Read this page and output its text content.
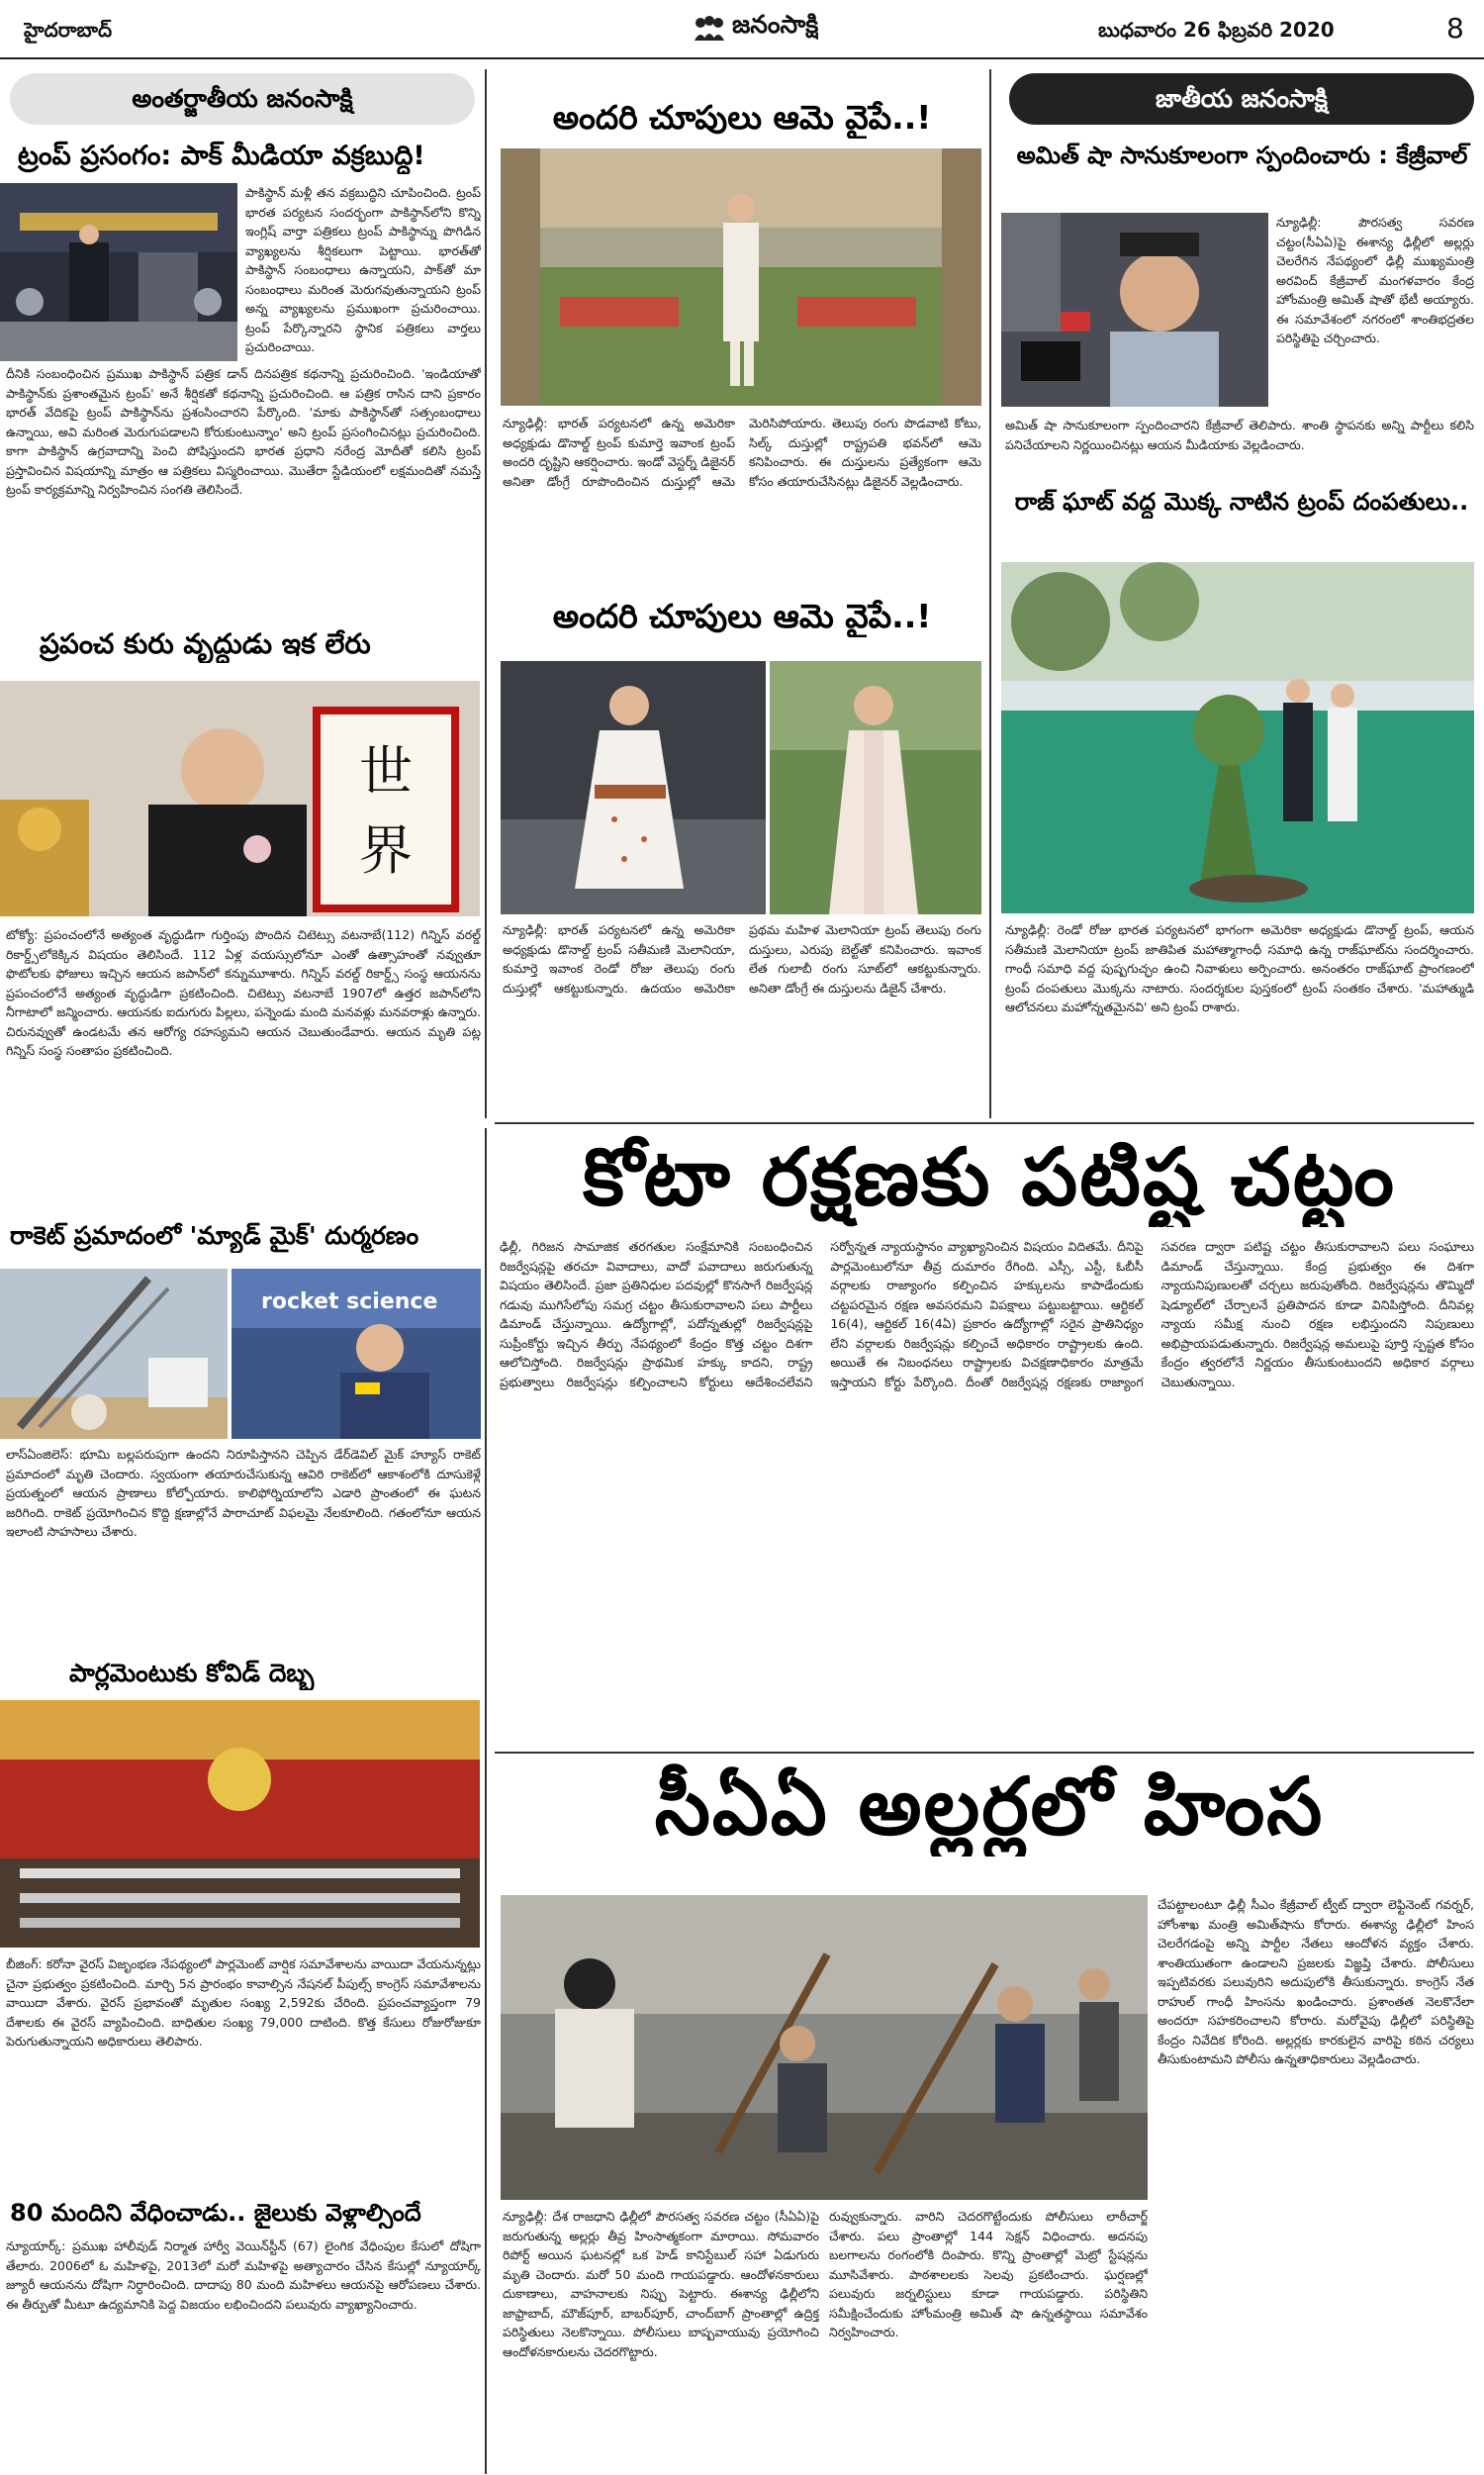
హైదరాబాద్	జనంసాక్షి	బుధవారం 26 ఫిబ్రవరి 2020	8
అంతర్జాతీయ జనంసాక్షి
ట్రంప్ ప్రసంగం: పాక్ మీడియా వక్రబుద్ధి!
పాకిస్థాన్ మళ్లీ తన వక్రబుద్ధిని చూపించింది. ట్రంప్ భారత పర్యటన సందర్భంగా పాకిస్థాన్‌లోని కొన్ని ఇంగ్లిష్ వార్తా పత్రికలు ట్రంప్ పాకిస్థాన్ను పొగిడిన వ్యాఖ్యలను శీర్షికలుగా పెట్టాయి. భారత్‌తో పాకిస్థాన్ సంబంధాలు ఉన్నాయని, పాక్‌తో మా సంబంధాలు మరింత మెరుగవుతున్నాయని ట్రంప్ అన్న వ్యాఖ్యలను ప్రముఖంగా ప్రచురించాయి. ట్రంప్ పేర్కొన్నారని స్థానిక పత్రికలు వార్తలు ప్రచురించాయి.
దీనికి సంబంధించిన ప్రముఖ పాకిస్థాన్ పత్రిక డాన్ దినపత్రిక కథనాన్ని ప్రచురించింది. 'ఇండియాతో పాకిస్థాన్‌కు ప్రశాంతమైన ట్రంప్' అనే శీర్షికతో కథనాన్ని ప్రచురించింది. ఆ పత్రిక రాసిన దాని ప్రకారం భారత్ వేదికపై ట్రంప్ పాకిస్థాన్‌ను ప్రశంసించారని పేర్కొంది. 'మాకు పాకిస్థాన్‌తో సత్సంబంధాలు ఉన్నాయి, అవి మరింత మెరుగుపడాలని కోరుకుంటున్నాం' అని ట్రంప్ ప్రసంగించినట్లు ప్రచురించింది. కాగా పాకిస్థాన్ ఉగ్రవాదాన్ని పెంచి పోషిస్తుందని భారత ప్రధాని నరేంద్ర మోదీతో కలిసి ట్రంప్ ప్రస్తావించిన విషయాన్ని మాత్రం ఆ పత్రికలు విస్మరించాయి. మొతేరా స్టేడియంలో లక్షమందితో నమస్తే ట్రంప్ కార్యక్రమాన్ని నిర్వహించిన సంగతి తెలిసిందే.
ప్రపంచ కురు వృద్ధుడు ఇక లేరు
世
界
టోక్యో: ప్రపంచంలోనే అత్యంత వృద్ధుడిగా గుర్తింపు పొందిన చిటెట్సు వటనాబే(112) గిన్నిస్ వరల్డ్ రికార్డ్స్‌లోకెక్కిన విషయం తెలిసిందే. 112 ఏళ్ల వయస్సులోనూ ఎంతో ఉత్సాహంతో నవ్వుతూ ఫొటోలకు ఫోజులు ఇచ్చిన ఆయన జపాన్‌లో కన్నుమూశారు. గిన్నిస్ వరల్డ్ రికార్డ్స్ సంస్థ ఆయనను ప్రపంచంలోనే అత్యంత వృద్ధుడిగా ప్రకటించింది. చిటెట్సు వటనాబే 1907లో ఉత్తర జపాన్‌లోని నీగాటాలో జన్మించారు. ఆయనకు ఐదుగురు పిల్లలు, పన్నెండు మంది మనవళ్లు మనవరాళ్లు ఉన్నారు. చిరునవ్వుతో ఉండటమే తన ఆరోగ్య రహస్యమని ఆయన చెబుతుండేవారు. ఆయన మృతి పట్ల గిన్నిస్ సంస్థ సంతాపం ప్రకటించింది.
రాకెట్ ప్రమాదంలో 'మ్యాడ్ మైక్' దుర్మరణం
rocket science
లాస్ఏంజిలెస్: భూమి బల్లపరుపుగా ఉందని నిరూపిస్తానని చెప్పిన డేర్‌డెవిల్ మైక్ హ్యూస్ రాకెట్ ప్రమాదంలో మృతి చెందారు. స్వయంగా తయారుచేసుకున్న ఆవిరి రాకెట్‌లో ఆకాశంలోకి దూసుకెళ్లే ప్రయత్నంలో ఆయన ప్రాణాలు కోల్పోయారు. కాలిఫోర్నియాలోని ఎడారి ప్రాంతంలో ఈ ఘటన జరిగింది. రాకెట్ ప్రయోగించిన కొద్ది క్షణాల్లోనే పారాచూట్ విఫలమై నేలకూలింది. గతంలోనూ ఆయన ఇలాంటి సాహసాలు చేశారు.
పార్లమెంటుకు కోవిడ్ దెబ్బ
బీజింగ్: కరోనా వైరస్ విజృంభణ నేపథ్యంలో పార్లమెంట్ వార్షిక సమావేశాలను వాయిదా వేయనున్నట్లు చైనా ప్రభుత్వం ప్రకటించింది. మార్చి 5న ప్రారంభం కావాల్సిన నేషనల్ పీపుల్స్ కాంగ్రెస్ సమావేశాలను వాయిదా వేశారు. వైరస్ ప్రభావంతో మృతుల సంఖ్య 2,592కు చేరింది. ప్రపంచవ్యాప్తంగా 79 దేశాలకు ఈ వైరస్ వ్యాపించింది. బాధితుల సంఖ్య 79,000 దాటింది. కొత్త కేసులు రోజురోజుకూ పెరుగుతున్నాయని అధికారులు తెలిపారు.
80 మందిని వేధించాడు.. జైలుకు వెళ్లాల్సిందే
న్యూయార్క్: ప్రముఖ హాలీవుడ్ నిర్మాత హార్వీ వెయిన్‌స్టీన్ (67) లైంగిక వేధింపుల కేసులో దోషిగా తేలారు. 2006లో ఓ మహిళపై, 2013లో మరో మహిళపై అత్యాచారం చేసిన కేసుల్లో న్యూయార్క్ జ్యూరీ ఆయనను దోషిగా నిర్ధారించింది. దాదాపు 80 మంది మహిళలు ఆయనపై ఆరోపణలు చేశారు. ఈ తీర్పుతో మీటూ ఉద్యమానికి పెద్ద విజయం లభించిందని పలువురు వ్యాఖ్యానించారు.
అందరి చూపులు ఆమె వైపే..!
న్యూఢిల్లీ: భారత్ పర్యటనలో ఉన్న అమెరికా అధ్యక్షుడు డొనాల్డ్ ట్రంప్ కుమార్తె ఇవాంక ట్రంప్ అందరి దృష్టిని ఆకర్షించారు. ఇండో వెస్టర్న్ డిజైనర్ అనితా డోంగ్రే రూపొందించిన దుస్తుల్లో ఆమె మెరిసిపోయారు. తెలుపు రంగు పొడవాటి కోటు, సిల్క్ దుస్తుల్లో రాష్ట్రపతి భవన్‌లో ఆమె కనిపించారు. ఈ దుస్తులను ప్రత్యేకంగా ఆమె కోసం తయారుచేసినట్లు డిజైనర్ వెల్లడించారు.
అందరి చూపులు ఆమె వైపే..!
న్యూఢిల్లీ: భారత్ పర్యటనలో ఉన్న అమెరికా అధ్యక్షుడు డొనాల్డ్ ట్రంప్ సతీమణి మెలానియా, కుమార్తె ఇవాంక రెండో రోజు తెలుపు రంగు దుస్తుల్లో ఆకట్టుకున్నారు. ఉదయం అమెరికా ప్రథమ మహిళ మెలానియా ట్రంప్ తెలుపు రంగు దుస్తులు, ఎరుపు బెల్ట్‌తో కనిపించారు. ఇవాంక లేత గులాబీ రంగు సూట్‌లో ఆకట్టుకున్నారు. అనితా డోంగ్రే ఈ దుస్తులను డిజైన్ చేశారు.
జాతీయ జనంసాక్షి
అమిత్ షా సానుకూలంగా స్పందించారు : కేజ్రీవాల్
న్యూఢిల్లీ: పౌరసత్వ సవరణ చట్టం(సీఏఏ)పై ఈశాన్య ఢిల్లీలో అల్లర్లు చెలరేగిన నేపథ్యంలో ఢిల్లీ ముఖ్యమంత్రి అరవింద్ కేజ్రీవాల్ మంగళవారం కేంద్ర హోంమంత్రి అమిత్ షాతో భేటీ అయ్యారు. ఈ సమావేశంలో నగరంలో శాంతిభద్రతల పరిస్థితిపై చర్చించారు.
అమిత్ షా సానుకూలంగా స్పందించారని కేజ్రీవాల్ తెలిపారు. శాంతి స్థాపనకు అన్ని పార్టీలు కలిసి పనిచేయాలని నిర్ణయించినట్లు ఆయన మీడియాకు వెల్లడించారు.
రాజ్ ఘాట్ వద్ద మొక్క నాటిన ట్రంప్ దంపతులు..
న్యూఢిల్లీ: రెండో రోజు భారత పర్యటనలో భాగంగా అమెరికా అధ్యక్షుడు డొనాల్డ్ ట్రంప్, ఆయన సతీమణి మెలానియా ట్రంప్ జాతిపిత మహాత్మాగాంధీ సమాధి ఉన్న రాజ్‌ఘాట్‌ను సందర్శించారు. గాంధీ సమాధి వద్ద పుష్పగుచ్ఛం ఉంచి నివాళులు అర్పించారు. అనంతరం రాజ్‌ఘాట్ ప్రాంగణంలో ట్రంప్ దంపతులు మొక్కను నాటారు. సందర్శకుల పుస్తకంలో ట్రంప్ సంతకం చేశారు. 'మహాత్ముడి ఆలోచనలు మహోన్నతమైనవి' అని ట్రంప్ రాశారు.
కోటా రక్షణకు పటిష్ట చట్టం
ఢిల్లీ, గిరిజన సామాజిక తరగతుల సంక్షేమానికి సంబంధించిన రిజర్వేషన్లపై తరచూ వివాదాలు, వాదో పవాదాలు జరుగుతున్న విషయం తెలిసిందే. ప్రజా ప్రతినిధుల పదవుల్లో కొనసాగే రిజర్వేషన్ల గడువు ముగిసేలోపు సమగ్ర చట్టం తీసుకురావాలని పలు పార్టీలు డిమాండ్ చేస్తున్నాయి. ఉద్యోగాల్లో, పదోన్నతుల్లో రిజర్వేషన్లపై సుప్రీంకోర్టు ఇచ్చిన తీర్పు నేపథ్యంలో కేంద్రం కొత్త చట్టం దిశగా ఆలోచిస్తోంది. రిజర్వేషన్లు ప్రాథమిక హక్కు కాదని, రాష్ట్ర ప్రభుత్వాలు రిజర్వేషన్లు కల్పించాలని కోర్టులు ఆదేశించలేవని సర్వోన్నత న్యాయస్థానం వ్యాఖ్యానించిన విషయం విదితమే. దీనిపై పార్లమెంటులోనూ తీవ్ర దుమారం రేగింది. ఎస్సీ, ఎస్టీ, ఓబీసీ వర్గాలకు రాజ్యాంగం కల్పించిన హక్కులను కాపాడేందుకు చట్టపరమైన రక్షణ అవసరమని విపక్షాలు పట్టుబట్టాయి. ఆర్టికల్ 16(4), ఆర్టికల్ 16(4ఏ) ప్రకారం ఉద్యోగాల్లో సరైన ప్రాతినిధ్యం లేని వర్గాలకు రిజర్వేషన్లు కల్పించే అధికారం రాష్ట్రాలకు ఉంది. అయితే ఈ నిబంధనలు రాష్ట్రాలకు విచక్షణాధికారం మాత్రమే ఇస్తాయని కోర్టు పేర్కొంది. దీంతో రిజర్వేషన్ల రక్షణకు రాజ్యాంగ సవరణ ద్వారా పటిష్ట చట్టం తీసుకురావాలని పలు సంఘాలు డిమాండ్ చేస్తున్నాయి. కేంద్ర ప్రభుత్వం ఈ దిశగా న్యాయనిపుణులతో చర్చలు జరుపుతోంది. రిజర్వేషన్లను తొమ్మిదో షెడ్యూల్‌లో చేర్చాలనే ప్రతిపాదన కూడా వినిపిస్తోంది. దీనివల్ల న్యాయ సమీక్ష నుంచి రక్షణ లభిస్తుందని నిపుణులు అభిప్రాయపడుతున్నారు. రిజర్వేషన్ల అమలుపై పూర్తి స్పష్టత కోసం కేంద్రం త్వరలోనే నిర్ణయం తీసుకుంటుందని అధికార వర్గాలు చెబుతున్నాయి.
సీఏఏ అల్లర్లలో హింస
చేపట్టాలంటూ ఢిల్లీ సీఎం కేజ్రీవాల్ ట్వీట్ ద్వారా లెఫ్టినెంట్ గవర్నర్, హోంశాఖ మంత్రి అమిత్‌షాను కోరారు. ఈశాన్య ఢిల్లీలో హింస చెలరేగడంపై అన్ని పార్టీల నేతలు ఆందోళన వ్యక్తం చేశారు. శాంతియుతంగా ఉండాలని ప్రజలకు విజ్ఞప్తి చేశారు. పోలీసులు ఇప్పటివరకు పలువురిని అదుపులోకి తీసుకున్నారు. కాంగ్రెస్ నేత రాహుల్ గాంధీ హింసను ఖండించారు. ప్రశాంతత నెలకొనేలా అందరూ సహకరించాలని కోరారు. మరోవైపు ఢిల్లీలో పరిస్థితిపై కేంద్రం నివేదిక కోరింది. అల్లర్లకు కారకులైన వారిపై కఠిన చర్యలు తీసుకుంటామని పోలీసు ఉన్నతాధికారులు వెల్లడించారు.
న్యూఢిల్లీ: దేశ రాజధాని ఢిల్లీలో పౌరసత్వ సవరణ చట్టం (సీఏఏ)పై జరుగుతున్న అల్లర్లు తీవ్ర హింసాత్మకంగా మారాయి. సోమవారం రిపోర్ట్ అయిన ఘటనల్లో ఒక హెడ్ కానిస్టేబుల్ సహా ఏడుగురు మృతి చెందారు. మరో 50 మంది గాయపడ్డారు. ఆందోళనకారులు దుకాణాలు, వాహనాలకు నిప్పు పెట్టారు. ఈశాన్య ఢిల్లీలోని జాఫ్రాబాద్, మౌజ్‌పూర్, బాబర్‌పూర్, చాంద్‌బాగ్ ప్రాంతాల్లో ఉద్రిక్త పరిస్థితులు నెలకొన్నాయి. పోలీసులు బాష్పవాయువు ప్రయోగించి ఆందోళనకారులను చెదరగొట్టారు.
రువ్వుకున్నారు. వారిని చెదరగొట్టేందుకు పోలీసులు లాఠీచార్జ్ చేశారు. పలు ప్రాంతాల్లో 144 సెక్షన్ విధించారు. అదనపు బలగాలను రంగంలోకి దింపారు. కొన్ని ప్రాంతాల్లో మెట్రో స్టేషన్లను మూసివేశారు. పాఠశాలలకు సెలవు ప్రకటించారు. ఘర్షణల్లో పలువురు జర్నలిస్టులు కూడా గాయపడ్డారు. పరిస్థితిని సమీక్షించేందుకు హోంమంత్రి అమిత్ షా ఉన్నతస్థాయి సమావేశం నిర్వహించారు.
